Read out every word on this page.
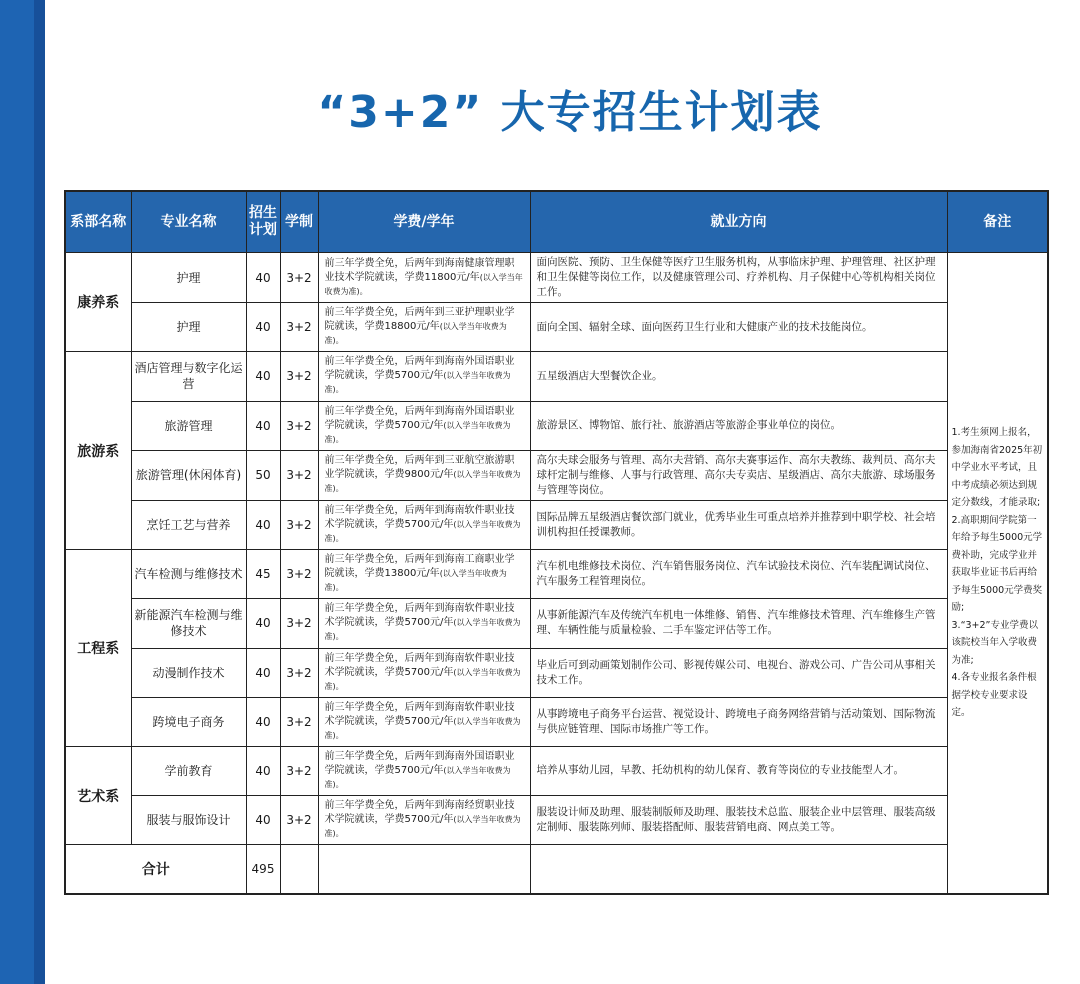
“3+2” 大专招生计划表
系部名称	专业名称	招生计划	学制	学费/学年	就业方向	备注
康养系	护理	40	3+2	前三年学费全免，后两年到海南健康管理职业技术学院就读，学费11800元/年(以入学当年收费为准)。	面向医院、预防、卫生保健等医疗卫生服务机构，从事临床护理、护理管理、社区护理和卫生保健等岗位工作，以及健康管理公司、疗养机构、月子保健中心等机构相关岗位工作。	1.考生须网上报名，参加海南省2025年初中学业水平考试，且中考成绩必须达到规定分数线，才能录取;

2.高职期间学院第一年给予每生5000元学费补助，完成学业并获取毕业证书后再给予每生5000元学费奖励;

3.“3+2”专业学费以该院校当年入学收费为准;

4.各专业报名条件根据学校专业要求设定。

	护理	40	3+2	前三年学费全免，后两年到三亚护理职业学院就读，学费18800元/年(以入学当年收费为准)。	面向全国、辐射全球、面向医药卫生行业和大健康产业的技术技能岗位。	
旅游系	酒店管理与数字化运营	40	3+2	前三年学费全免，后两年到海南外国语职业学院就读，学费5700元/年(以入学当年收费为准)。	五星级酒店大型餐饮企业。	
	旅游管理	40	3+2	前三年学费全免，后两年到海南外国语职业学院就读，学费5700元/年(以入学当年收费为准)。	旅游景区、博物馆、旅行社、旅游酒店等旅游企事业单位的岗位。	
	旅游管理(休闲体育)	50	3+2	前三年学费全免，后两年到三亚航空旅游职业学院就读，学费9800元/年(以入学当年收费为准)。	高尔夫球会服务与管理、高尔夫营销、高尔夫赛事运作、高尔夫教练、裁判员、高尔夫球杆定制与维修、人事与行政管理、高尔夫专卖店、星级酒店、高尔夫旅游、球场服务与管理等岗位。	
	烹饪工艺与营养	40	3+2	前三年学费全免，后两年到海南软件职业技术学院就读，学费5700元/年(以入学当年收费为准)。	国际品牌五星级酒店餐饮部门就业，优秀毕业生可重点培养并推荐到中职学校、社会培训机构担任授课教师。	
工程系	汽车检测与维修技术	45	3+2	前三年学费全免，后两年到海南工商职业学院就读，学费13800元/年(以入学当年收费为准)。	汽车机电维修技术岗位、汽车销售服务岗位、汽车试验技术岗位、汽车装配调试岗位、汽车服务工程管理岗位。	
	新能源汽车检测与维修技术	40	3+2	前三年学费全免，后两年到海南软件职业技术学院就读，学费5700元/年(以入学当年收费为准)。	从事新能源汽车及传统汽车机电一体维修、销售、汽车维修技术管理、汽车维修生产管理、车辆性能与质量检验、二手车鉴定评估等工作。	
	动漫制作技术	40	3+2	前三年学费全免，后两年到海南软件职业技术学院就读，学费5700元/年(以入学当年收费为准)。	毕业后可到动画策划制作公司、影视传媒公司、电视台、游戏公司、广告公司从事相关技术工作。	
	跨境电子商务	40	3+2	前三年学费全免，后两年到海南软件职业技术学院就读，学费5700元/年(以入学当年收费为准)。	从事跨境电子商务平台运营、视觉设计、跨境电子商务网络营销与活动策划、国际物流与供应链管理、国际市场推广等工作。	
艺术系	学前教育	40	3+2	前三年学费全免，后两年到海南外国语职业学院就读，学费5700元/年(以入学当年收费为准)。	培养从事幼儿园，早教、托幼机构的幼儿保育、教育等岗位的专业技能型人才。	
	服装与服饰设计	40	3+2	前三年学费全免，后两年到海南经贸职业技术学院就读，学费5700元/年(以入学当年收费为准)。	服装设计师及助理、服装制版师及助理、服装技术总监、服装企业中层管理、服装高级定制师、服装陈列师、服装搭配师、服装营销电商、网点美工等。	
合计		495				
